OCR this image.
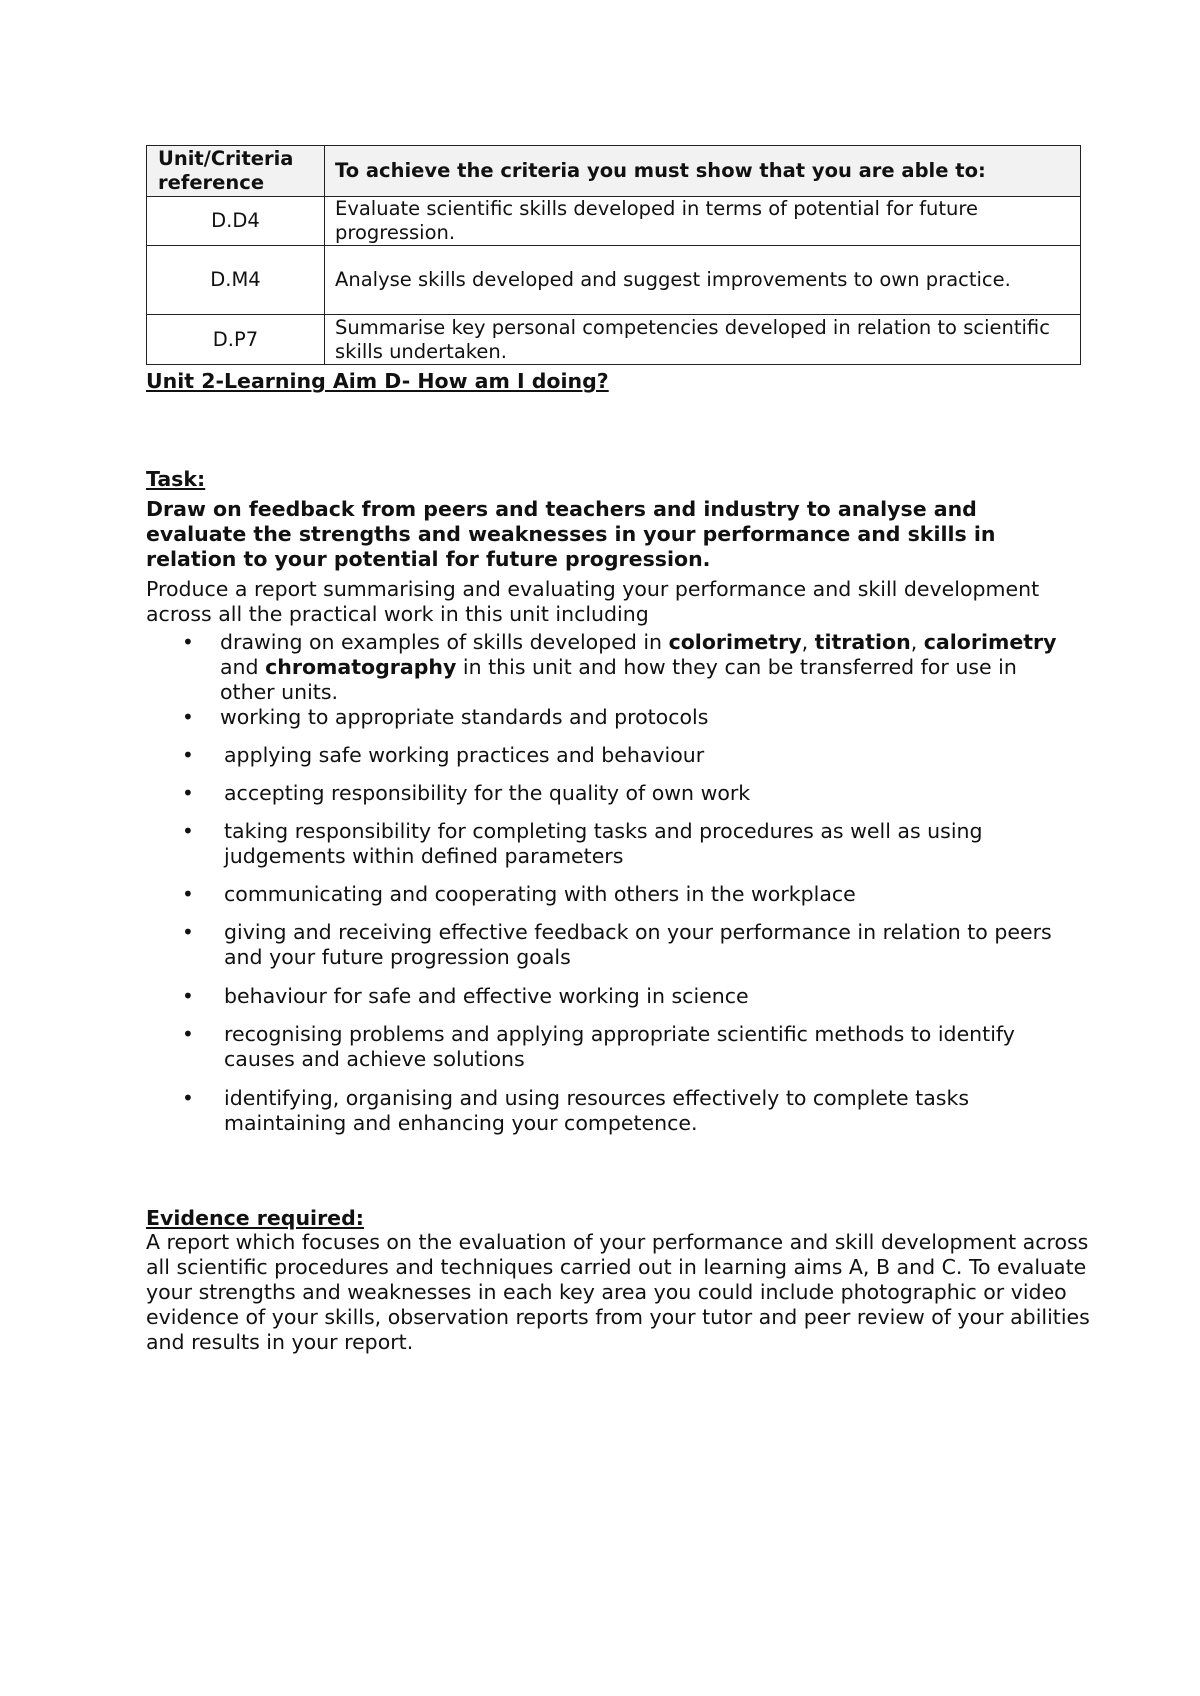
Unit/Criteria reference	To achieve the criteria you must show that you are able to:
D.D4	Evaluate scientific skills developed in terms of potential for future progression.
D.M4	Analyse skills developed and suggest improvements to own practice.
D.P7	Summarise key personal competencies developed in relation to scientific skills undertaken.
Unit 2-Learning Aim D- How am I doing?
Task:
Draw on feedback from peers and teachers and industry to analyse and evaluate the strengths and weaknesses in your performance and skills in relation to your potential for future progression.
Produce a report summarising and evaluating your performance and skill development across all the practical work in this unit including
• drawing on examples of skills developed in colorimetry, titration, calorimetry and chromatography in this unit and how they can be transferred for use in other units.
• working to appropriate standards and protocols
• applying safe working practices and behaviour
• accepting responsibility for the quality of own work
• taking responsibility for completing tasks and procedures as well as using judgements within defined parameters
• communicating and cooperating with others in the workplace
• giving and receiving effective feedback on your performance in relation to peers and your future progression goals
• behaviour for safe and effective working in science
• recognising problems and applying appropriate scientific methods to identify causes and achieve solutions
• identifying, organising and using resources effectively to complete tasks maintaining and enhancing your competence.
Evidence required:
A report which focuses on the evaluation of your performance and skill development across all scientific procedures and techniques carried out in learning aims A, B and C. To evaluate your strengths and weaknesses in each key area you could include photographic or video evidence of your skills, observation reports from your tutor and peer review of your abilities and results in your report.
